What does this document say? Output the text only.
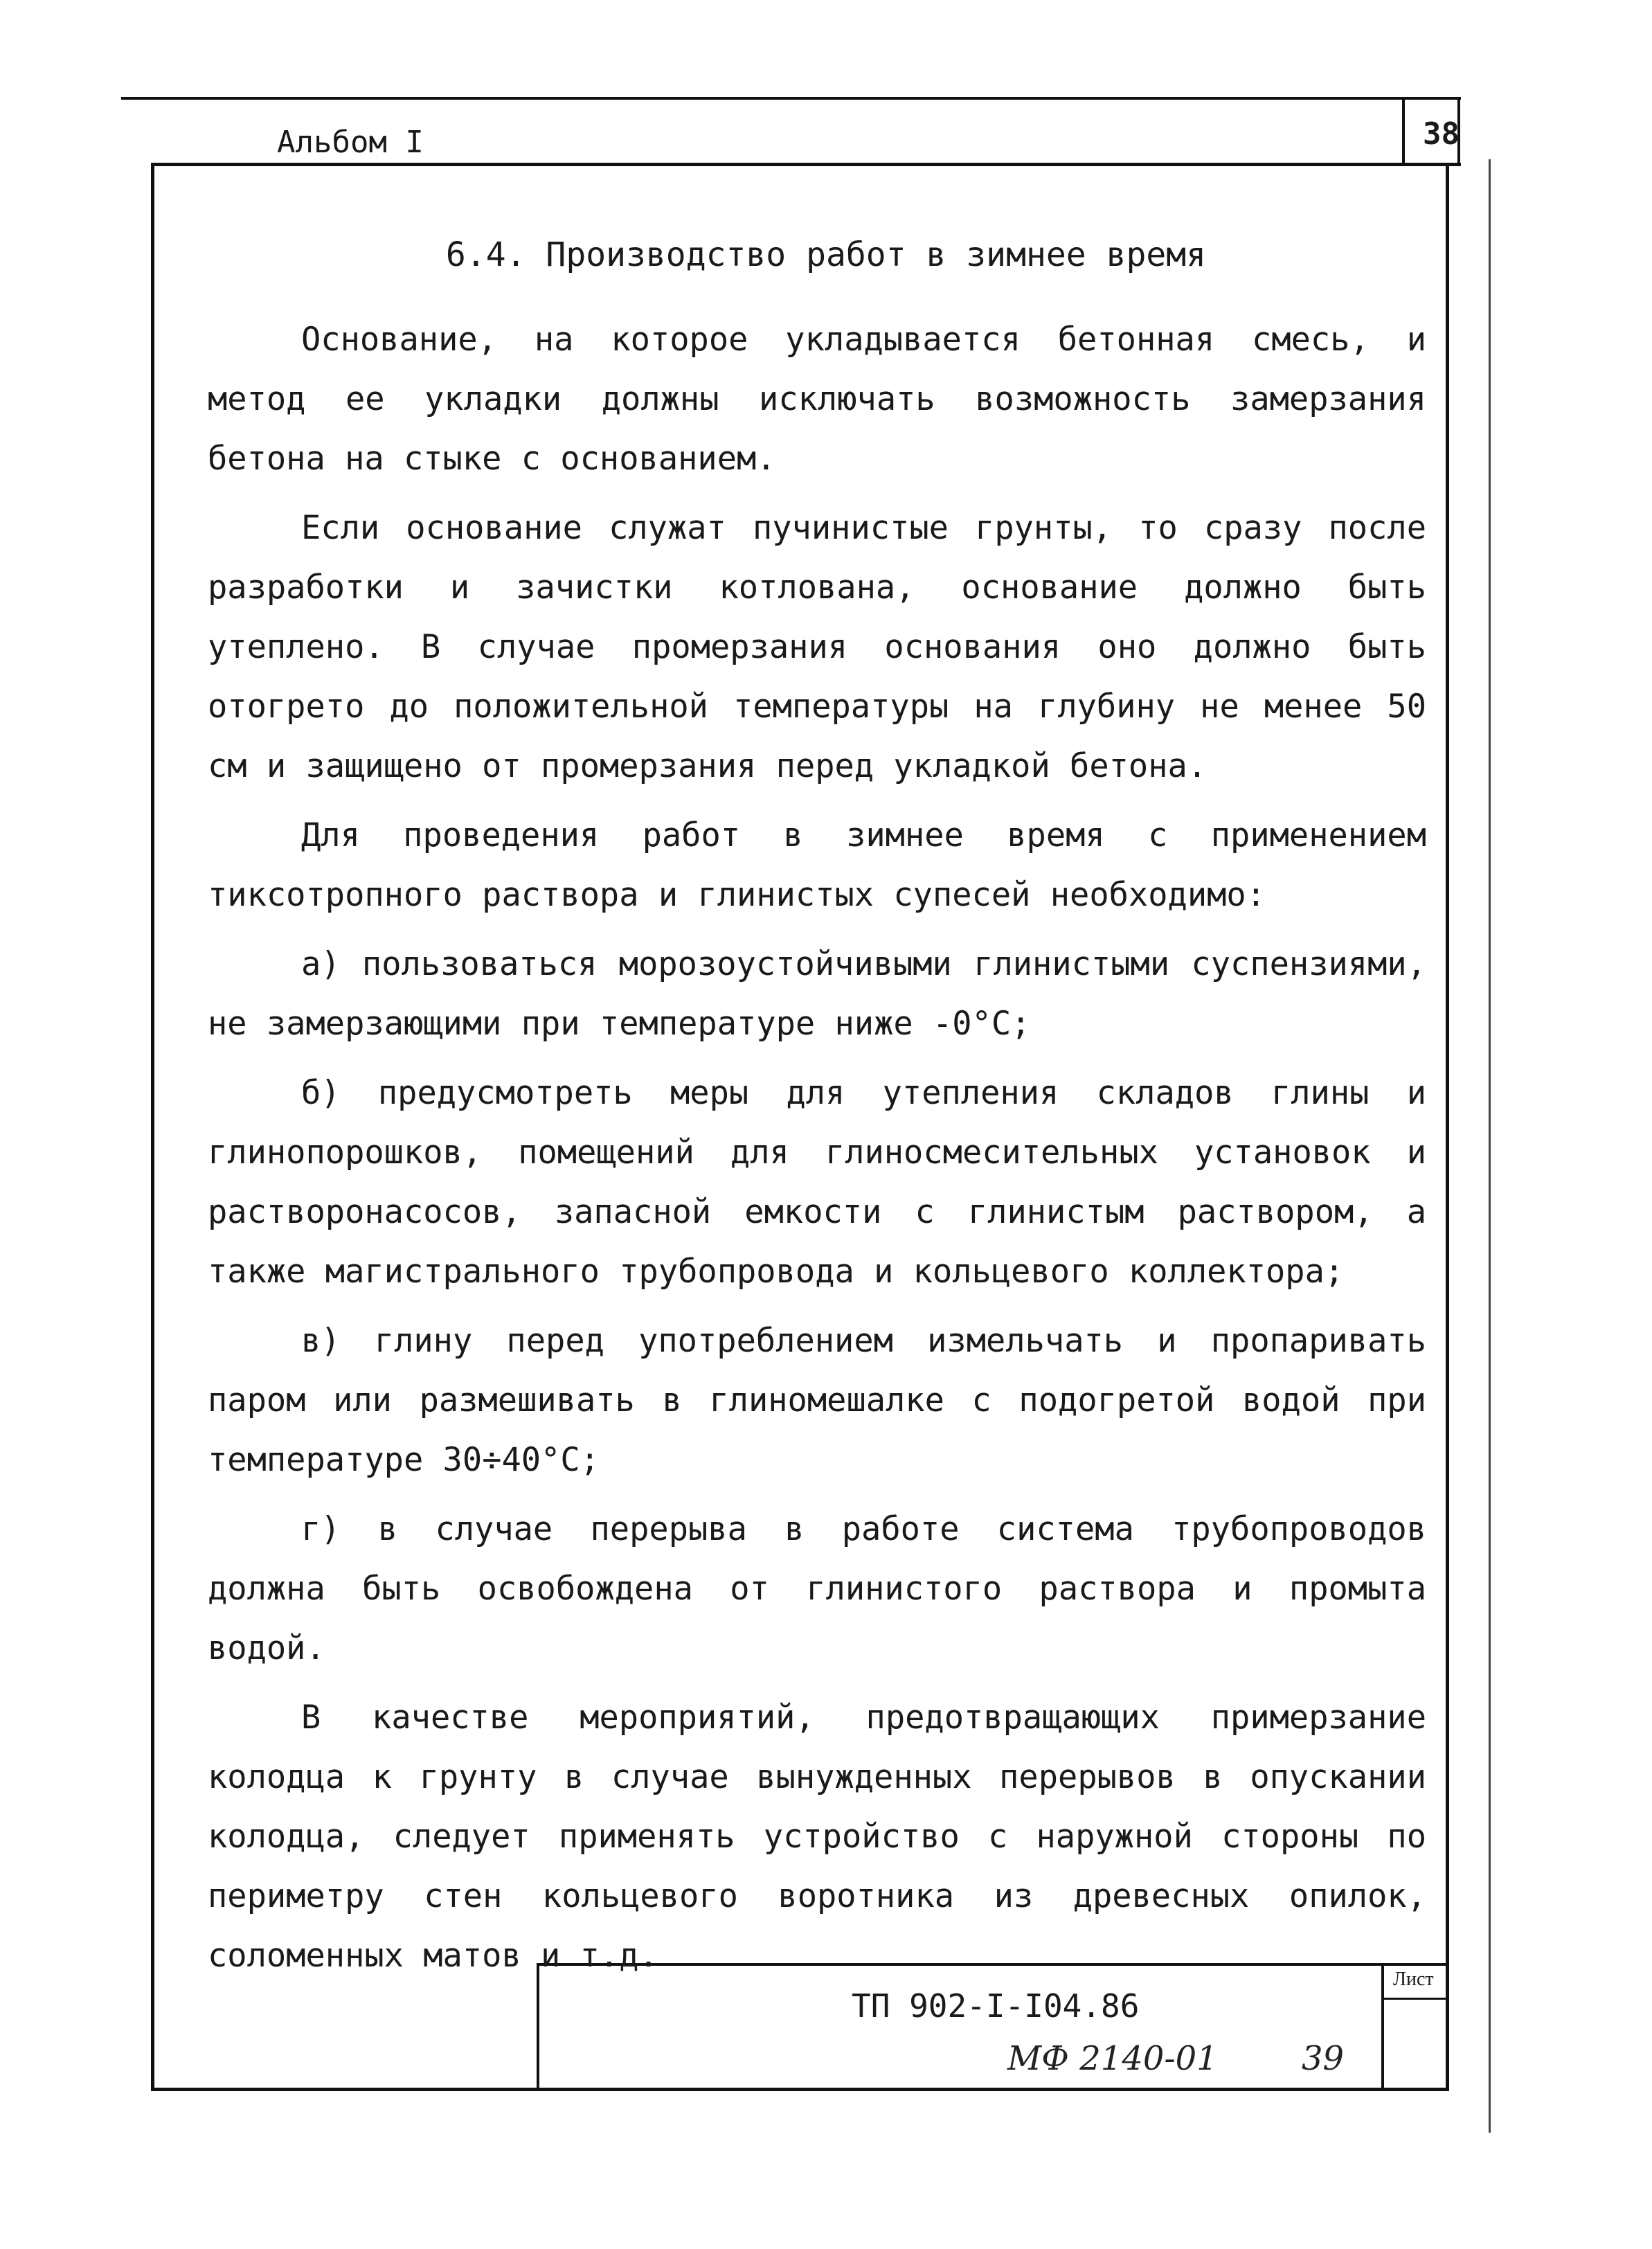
Альбом I	38
6.4. Производство работ в зимнее время

Основание, на которое укладывается бетонная смесь, и метод ее укладки должны исключать возможность замерзания бетона на стыке с основанием.

Если основание служат пучинистые грунты, то сразу после разработки и зачистки котлована, основание должно быть утеплено. В случае промерзания основания оно должно быть отогрето до положительной температуры на глубину не менее 50 см и защищено от промерзания перед укладкой бетона.

Для проведения работ в зимнее время с применением тиксотропного раствора и глинистых супесей необходимо:

а) пользоваться морозоустойчивыми глинистыми суспензиями, не замерзающими при температуре ниже -0°С;

б) предусмотреть меры для утепления складов глины и глинопорошков, помещений для глиносмесительных установок и растворонасосов, запасной емкости с глинистым раствором, а также магистрального трубопровода и кольцевого коллектора;

в) глину перед употреблением измельчать и пропаривать паром или размешивать в глиномешалке с подогретой водой при температуре 30÷40°С;

г) в случае перерыва в работе система трубопроводов должна быть освобождена от глинистого раствора и промыта водой.

В качестве мероприятий, предотвращающих примерзание колодца к грунту в случае вынужденных перерывов в опускании колодца, следует применять устройство с наружной стороны по периметру стен кольцевого воротника из древесных опилок, соломенных матов и т.д.

ТП 902-I-I04.86
Лист
МФ 2140-01	39
